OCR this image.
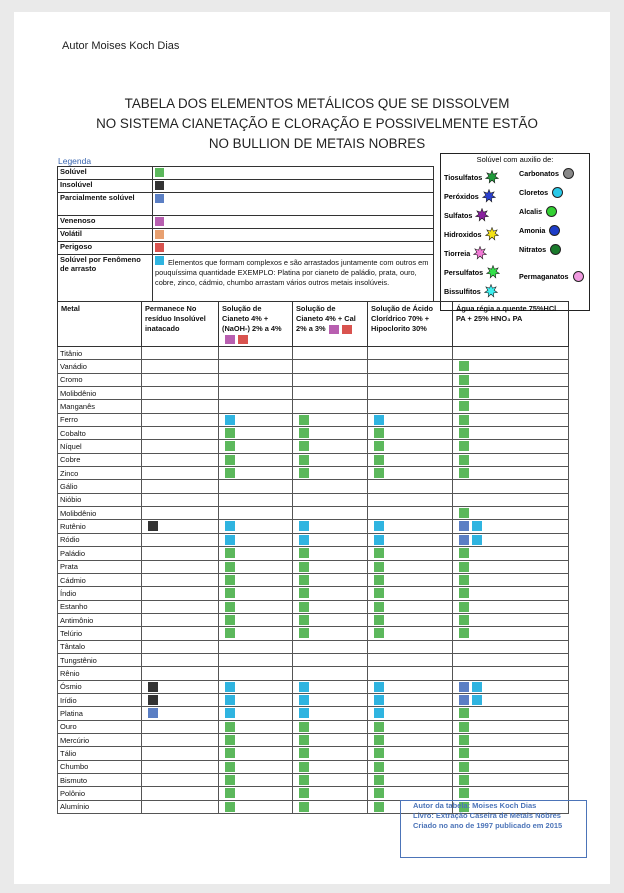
Autor Moises Koch Dias
TABELA DOS ELEMENTOS METÁLICOS QUE SE DISSOLVEM
NO SISTEMA CIANETAÇÃO E CLORAÇÃO E POSSIVELMENTE ESTÃO
NO BULLION DE METAIS NOBRES
Legenda
Solúvel	
Insolúvel	
Parcialmente solúvel	
Venenoso	
Volátil	
Perigoso	
Solúvel por Fenômeno de arrasto	Elementos que formam complexos e são arrastados juntamente com outros em pouquíssima quantidade EXEMPLO: Platina por cianeto de paládio, prata, ouro, cobre, zinco, cádmio, chumbo arrastam vários outros metais insolúveis.
Solúvel com auxilio de:
Tiosulfatos	Carbonatos
Peróxidos	Cloretos
Sulfatos	Alcalis
Hidroxidos	Amonia
Tiorreia	Nitratos
Persulfatos	Permaganatos
Bissulfitos
Metal	Permanece No resíduo Insolúvel inatacado	Solução de Cianeto 4% + (NaOH-) 2% a 4%	Solução de Cianeto 4% + Cal 2% a 3%	Solução de Ácido Clorídrico 70% + Hipoclorito 30%	Água régia a quente 75%HCl PA + 25% HNO₃ PA
Titânio					
Vanádio					

Cromo					

Molibdênio					

Manganês					

Ferro		

Cobalto		

Níquel		

Cobre		

Zinco		

Gálio					
Nióbio					
Molibdênio					

Rutênio	

Ródio		

Paládio		

Prata		

Cádmio		

Índio		

Estanho		

Antimônio		

Telúrio		

Tântalo					
Tungstênio					
Rênio					
Ósmio	

Irídio	

Platina	

Ouro		

Mercúrio		

Tálio		

Chumbo		

Bismuto		

Polônio		

Alumínio		

		Autor da tabela: Moises Koch Dias
Livro: Extração Caseira de Metais Nobres
Criado no ano de 1997 publicado em 2015
